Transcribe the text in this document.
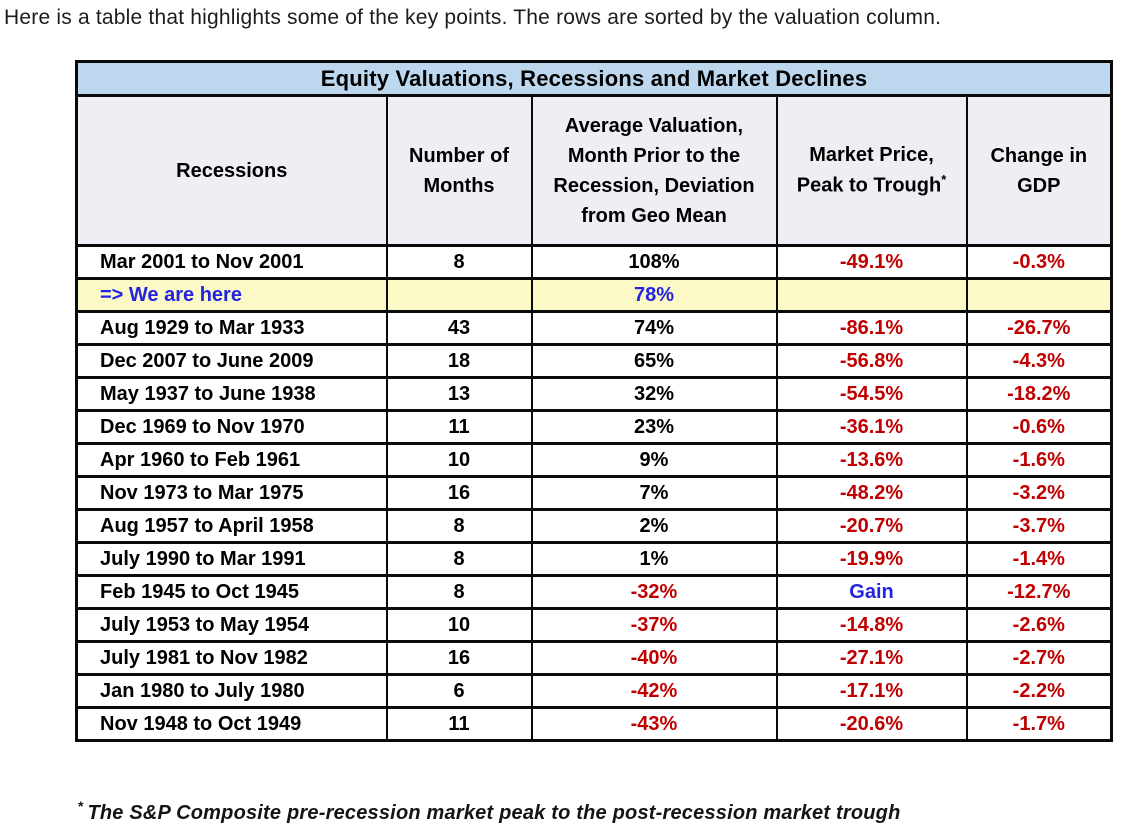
Here is a table that highlights some of the key points. The rows are sorted by the valuation column.
Equity Valuations, Recessions and Market Declines				
Recessions	Number of Months	Average Valuation, Month Prior to the Recession, Deviation from Geo Mean	Market Price, Peak to Trough*	Change in GDP
Mar 2001 to Nov 2001	8	108%	-49.1%	-0.3%
=> We are here		78%		
Aug 1929 to Mar 1933	43	74%	-86.1%	-26.7%
Dec 2007 to June 2009	18	65%	-56.8%	-4.3%
May 1937 to June 1938	13	32%	-54.5%	-18.2%
Dec 1969 to Nov 1970	11	23%	-36.1%	-0.6%
Apr 1960 to Feb 1961	10	9%	-13.6%	-1.6%
Nov 1973 to Mar 1975	16	7%	-48.2%	-3.2%
Aug 1957 to April 1958	8	2%	-20.7%	-3.7%
July 1990 to Mar 1991	8	1%	-19.9%	-1.4%
Feb 1945 to Oct 1945	8	-32%	Gain	-12.7%
July 1953 to May 1954	10	-37%	-14.8%	-2.6%
July 1981 to Nov 1982	16	-40%	-27.1%	-2.7%
Jan 1980 to July 1980	6	-42%	-17.1%	-2.2%
Nov 1948 to Oct 1949	11	-43%	-20.6%	-1.7%
* The S&P Composite pre-recession market peak to the post-recession market trough
